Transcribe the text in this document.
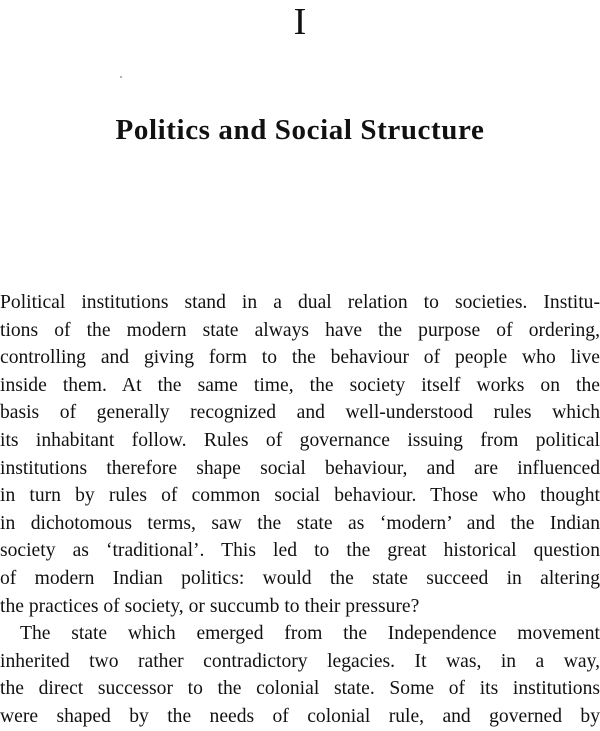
I
Politics and Social Structure
Political institutions stand in a dual relation to societies. Institu-
tions of the modern state always have the purpose of ordering,
controlling and giving form to the behaviour of people who live
inside them. At the same time, the society itself works on the
basis of generally recognized and well-understood rules which
its inhabitant follow. Rules of governance issuing from political
institutions therefore shape social behaviour, and are influenced
in turn by rules of common social behaviour. Those who thought
in dichotomous terms, saw the state as ‘modern’ and the Indian
society as ‘traditional’. This led to the great historical question
of modern Indian politics: would the state succeed in altering
the practices of society, or succumb to their pressure?
The state which emerged from the Independence movement
inherited two rather contradictory legacies. It was, in a way,
the direct successor to the colonial state. Some of its institutions
were shaped by the needs of colonial rule, and governed by
